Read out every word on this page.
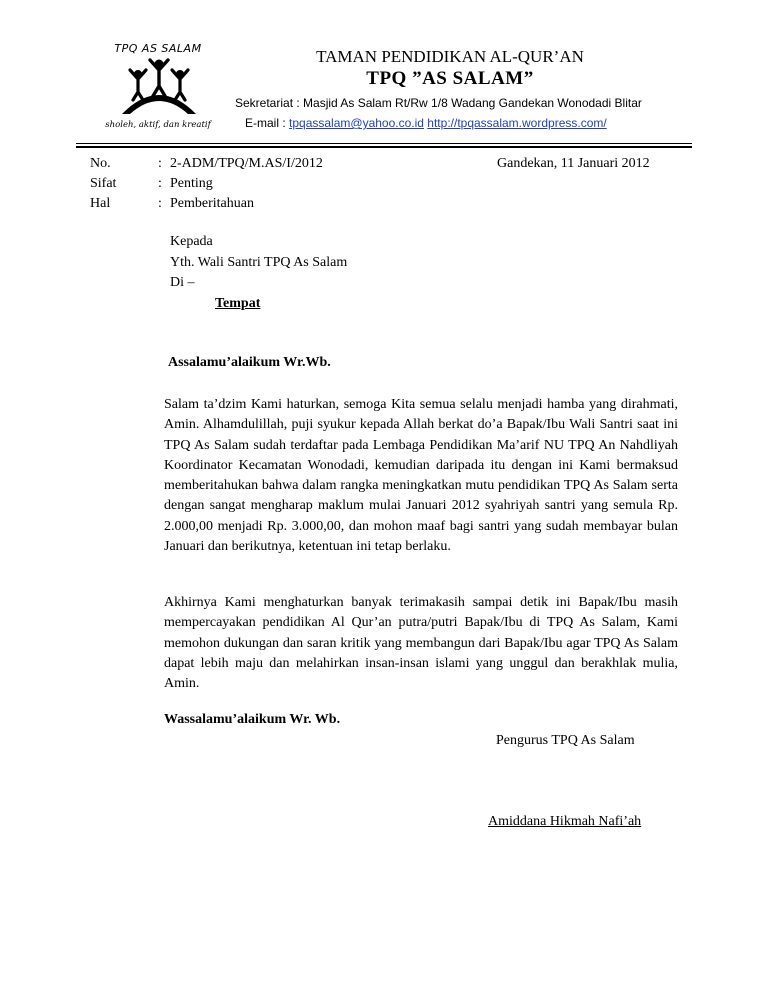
TPQ AS SALAM
sholeh, aktif, dan kreatif
TAMAN PENDIDIKAN AL-QUR’AN
TPQ ”AS SALAM”
Sekretariat : Masjid As Salam Rt/Rw 1/8 Wadang Gandekan Wonodadi Blitar
E-mail : tpqassalam@yahoo.co.id http://tpqassalam.wordpress.com/
No.	: 2-ADM/TPQ/M.AS/I/2012	Gandekan, 11 Januari 2012
Sifat	: Penting
Hal	: Pemberitahuan
Kepada
Yth. Wali Santri TPQ As Salam
Di –
Tempat
Assalamu’alaikum Wr.Wb.
Salam ta’dzim Kami haturkan, semoga Kita semua selalu menjadi hamba yang dirahmati, Amin. Alhamdulillah, puji syukur kepada Allah berkat do’a Bapak/Ibu Wali Santri saat ini TPQ As Salam sudah terdaftar pada Lembaga Pendidikan Ma’arif NU TPQ An Nahdliyah Koordinator Kecamatan Wonodadi, kemudian daripada itu dengan ini Kami bermaksud memberitahukan bahwa dalam rangka meningkatkan mutu pendidikan TPQ As Salam serta dengan sangat mengharap maklum mulai Januari 2012 syahriyah santri yang semula Rp. 2.000,00 menjadi Rp. 3.000,00, dan mohon maaf bagi santri yang sudah membayar bulan Januari dan berikutnya, ketentuan ini tetap berlaku.
Akhirnya Kami menghaturkan banyak terimakasih sampai detik ini Bapak/Ibu masih mempercayakan pendidikan Al Qur’an putra/putri Bapak/Ibu di TPQ As Salam, Kami memohon dukungan dan saran kritik yang membangun dari Bapak/Ibu agar TPQ As Salam dapat lebih maju dan melahirkan insan-insan islami yang unggul dan berakhlak mulia, Amin.
Wassalamu’alaikum Wr. Wb.
Pengurus TPQ As Salam
Amiddana Hikmah Nafi’ah
